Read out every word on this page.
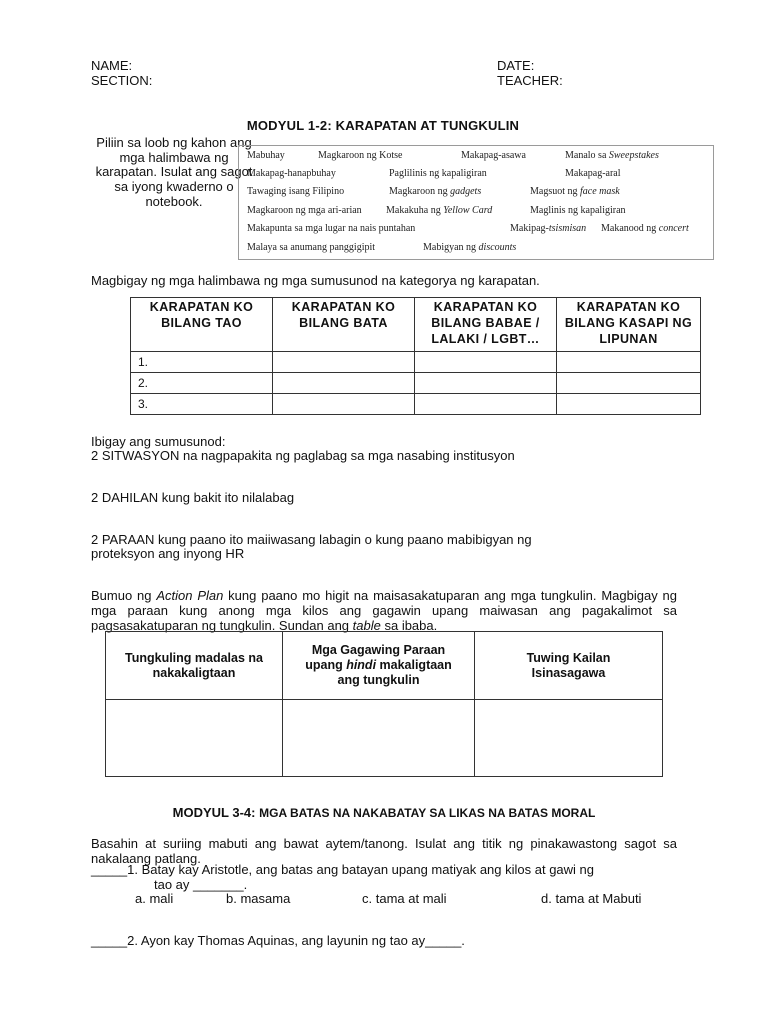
NAME:
SECTION:
DATE:
TEACHER:
MODYUL 1-2: KARAPATAN AT TUNGKULIN
Piliin sa loob ng kahon ang mga halimbawa ng karapatan. Isulat ang sagot sa iyong kwaderno o notebook.
Mabuhay	Magkaroon ng Kotse	Makapag-asawa	Manalo sa Sweepstakes
Makapag-hanapbuhay	Paglilinis ng kapaligiran	Makapag-aral
Tawaging isang Filipino	Magkaroon ng gadgets	Magsuot ng face mask
Magkaroon ng mga ari-arian Makakuha ng Yellow Card	Maglinis ng kapaligiran
Makapunta sa mga lugar na nais puntahan	Makipag-tsismisan Makanood ng concert
Malaya sa anumang panggigipit	Mabigyan ng discounts
Magbigay ng mga halimbawa ng mga sumusunod na kategorya ng karapatan.
KARAPATAN KO BILANG TAO	KARAPATAN KO BILANG BATA	KARAPATAN KO BILANG BABAE / LALAKI / LGBT…	KARAPATAN KO BILANG KASAPI NG LIPUNAN
1.			
2.			
3.			
Ibigay ang sumusunod:
2 SITWASYON na nagpapakita ng paglabag sa mga nasabing institusyon
2 DAHILAN kung bakit ito nilalabag
2 PARAAN kung paano ito maiiwasang labagin o kung paano mabibigyan ng
proteksyon ang inyong HR
Bumuo ng Action Plan kung paano mo higit na maisasakatuparan ang mga tungkulin. Magbigay ng mga paraan kung anong mga kilos ang gagawin upang maiwasan ang pagakalimot sa pagsasakatuparan ng tungkulin. Sundan ang table sa ibaba.
Tungkuling madalas na nakakaligtaan	Mga Gagawing Paraan upang hindi makaligtaan ang tungkulin	Tuwing Kailan Isinasagawa

MODYUL 3-4: MGA BATAS NA NAKABATAY SA LIKAS NA BATAS MORAL
Basahin at suriing mabuti ang bawat aytem/tanong. Isulat ang titik ng pinakawastong sagot sa nakalaang patlang.
_____1. Batay kay Aristotle, ang batas ang batayan upang matiyak ang kilos at gawi ng
tao ay _______.
a. mali	b. masama	c. tama at mali	d. tama at Mabuti
_____2. Ayon kay Thomas Aquinas, ang layunin ng tao ay_____.
